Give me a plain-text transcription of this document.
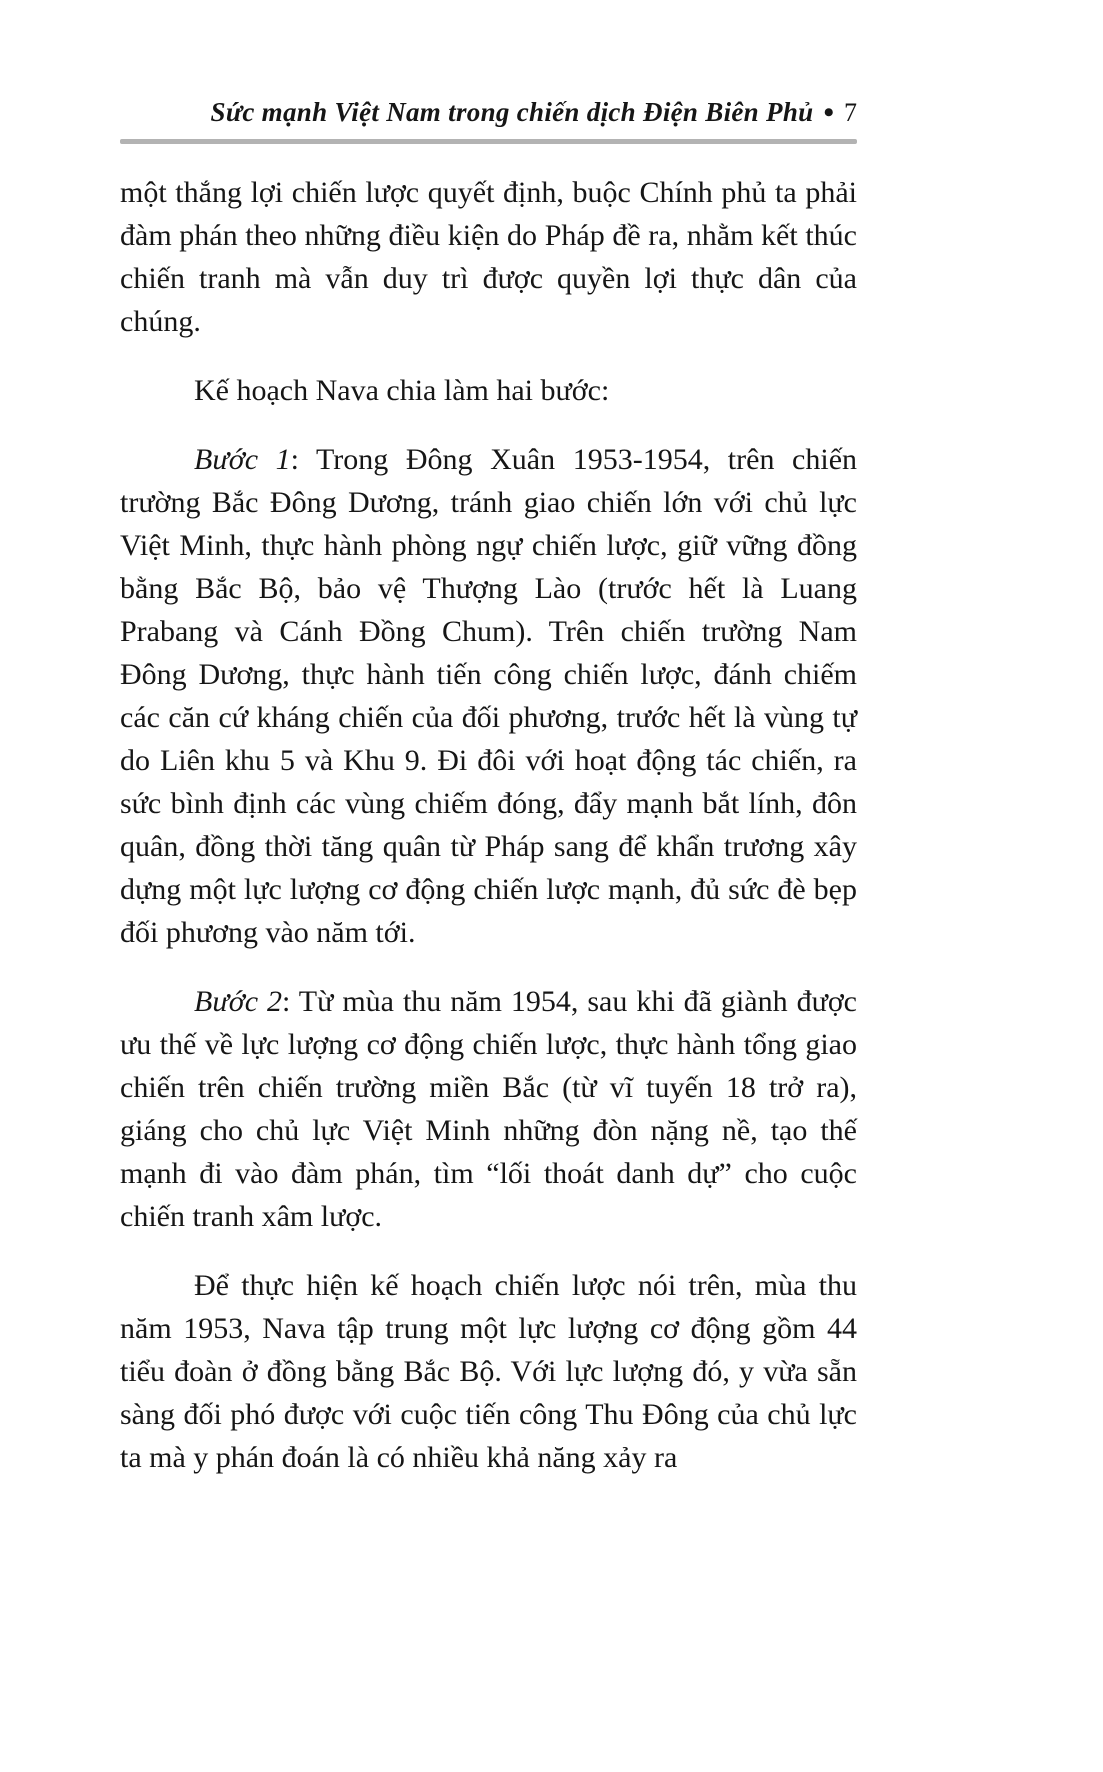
Sức mạnh Việt Nam trong chiến dịch Điện Biên Phủ • 7

một thắng lợi chiến lược quyết định, buộc Chính phủ ta phải đàm phán theo những điều kiện do Pháp đề ra, nhằm kết thúc chiến tranh mà vẫn duy trì được quyền lợi thực dân của chúng.

Kế hoạch Nava chia làm hai bước:

Bước 1: Trong Đông Xuân 1953-1954, trên chiến trường Bắc Đông Dương, tránh giao chiến lớn với chủ lực Việt Minh, thực hành phòng ngự chiến lược, giữ vững đồng bằng Bắc Bộ, bảo vệ Thượng Lào (trước hết là Luang Prabang và Cánh Đồng Chum). Trên chiến trường Nam Đông Dương, thực hành tiến công chiến lược, đánh chiếm các căn cứ kháng chiến của đối phương, trước hết là vùng tự do Liên khu 5 và Khu 9. Đi đôi với hoạt động tác chiến, ra sức bình định các vùng chiếm đóng, đẩy mạnh bắt lính, đôn quân, đồng thời tăng quân từ Pháp sang để khẩn trương xây dựng một lực lượng cơ động chiến lược mạnh, đủ sức đè bẹp đối phương vào năm tới.

Bước 2: Từ mùa thu năm 1954, sau khi đã giành được ưu thế về lực lượng cơ động chiến lược, thực hành tổng giao chiến trên chiến trường miền Bắc (từ vĩ tuyến 18 trở ra), giáng cho chủ lực Việt Minh những đòn nặng nề, tạo thế mạnh đi vào đàm phán, tìm “lối thoát danh dự” cho cuộc chiến tranh xâm lược.

Để thực hiện kế hoạch chiến lược nói trên, mùa thu năm 1953, Nava tập trung một lực lượng cơ động gồm 44 tiểu đoàn ở đồng bằng Bắc Bộ. Với lực lượng đó, y vừa sẵn sàng đối phó được với cuộc tiến công Thu Đông của chủ lực ta mà y phán đoán là có nhiều khả năng xảy ra
